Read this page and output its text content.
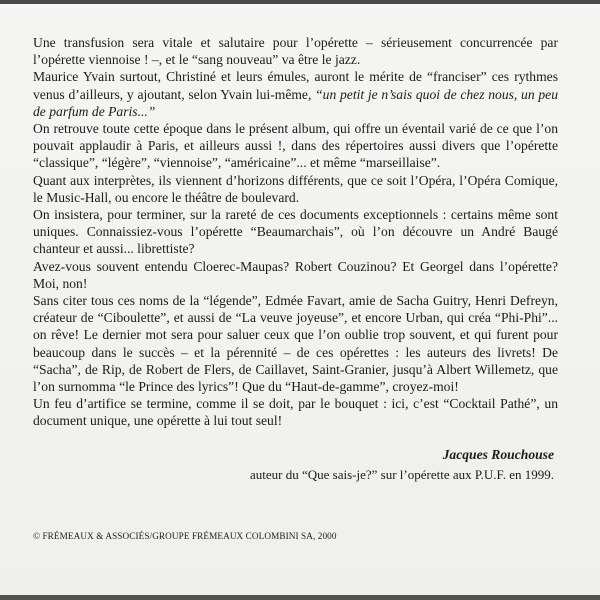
Une transfusion sera vitale et salutaire pour l’opérette – sérieusement concurrencée par l’opérette viennoise ! –, et le “sang nouveau” va être le jazz.

Maurice Yvain surtout, Christiné et leurs émules, auront le mérite de “franciser” ces rythmes venus d’ailleurs, y ajoutant, selon Yvain lui-même, “un petit je n’sais quoi de chez nous, un peu de parfum de Paris...”

On retrouve toute cette époque dans le présent album, qui offre un éventail varié de ce que l’on pouvait applaudir à Paris, et ailleurs aussi !, dans des répertoires aussi divers que l’opérette “classique”, “légère”, “viennoise”, “américaine”... et même “marseillaise”.

Quant aux interprètes, ils viennent d’horizons différents, que ce soit l’Opéra, l’Opéra Comique, le Music-Hall, ou encore le théâtre de boulevard.

On insistera, pour terminer, sur la rareté de ces documents exceptionnels : certains même sont uniques. Connaissiez-vous l’opérette “Beaumarchais”, où l’on découvre un André Baugé chanteur et aussi... librettiste?

Avez-vous souvent entendu Cloerec-Maupas? Robert Couzinou? Et Georgel dans l’opérette? Moi, non!

Sans citer tous ces noms de la “légende”, Edmée Favart, amie de Sacha Guitry, Henri Defreyn, créateur de “Ciboulette”, et aussi de “La veuve joyeuse”, et encore Urban, qui créa “Phi-Phi”... on rêve! Le dernier mot sera pour saluer ceux que l’on oublie trop souvent, et qui furent pour beaucoup dans le succès – et la pérennité – de ces opérettes : les auteurs des livrets! De “Sacha”, de Rip, de Robert de Flers, de Caillavet, Saint-Granier, jusqu’à Albert Willemetz, que l’on surnomma “le Prince des lyrics”! Que du “Haut-de-gamme”, croyez-moi!

Un feu d’artifice se termine, comme il se doit, par le bouquet : ici, c’est “Cocktail Pathé”, un document unique, une opérette à lui tout seul!

Jacques Rouchouse
auteur du “Que sais-je?” sur l’opérette aux P.U.F. en 1999.
© FRÉMEAUX & ASSOCIÉS/GROUPE FRÉMEAUX COLOMBINI SA, 2000
